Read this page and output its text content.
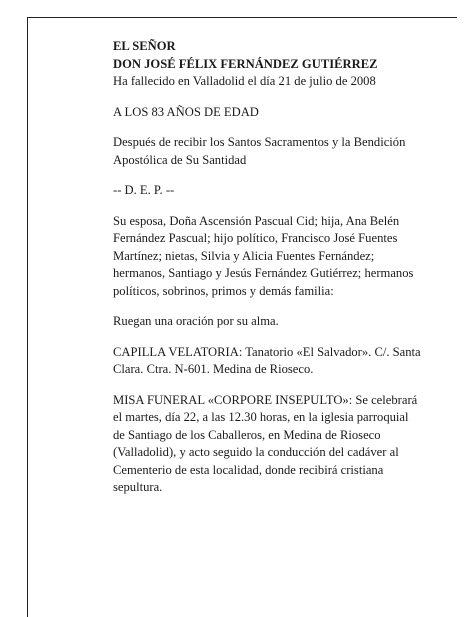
EL SEÑOR
DON JOSÉ FÉLIX FERNÁNDEZ GUTIÉRREZ
Ha fallecido en Valladolid el día 21 de julio de 2008

A LOS 83 AÑOS DE EDAD

Después de recibir los Santos Sacramentos y la Bendición Apostólica de Su Santidad

-- D. E. P. --

Su esposa, Doña Ascensión Pascual Cid; hija, Ana Belén Fernández Pascual; hijo político, Francisco José Fuentes Martínez; nietas, Silvia y Alicia Fuentes Fernández; hermanos, Santiago y Jesús Fernández Gutiérrez; hermanos políticos, sobrinos, primos y demás familia:

Ruegan una oración por su alma.

CAPILLA VELATORIA: Tanatorio «El Salvador». C/. Santa Clara. Ctra. N-601. Medina de Rioseco.

MISA FUNERAL «CORPORE INSEPULTO»: Se celebrará el martes, día 22, a las 12.30 horas, en la iglesia parroquial de Santiago de los Caballeros, en Medina de Rioseco (Valladolid), y acto seguido la conducción del cadáver al Cementerio de esta localidad, donde recibirá cristiana sepultura.
